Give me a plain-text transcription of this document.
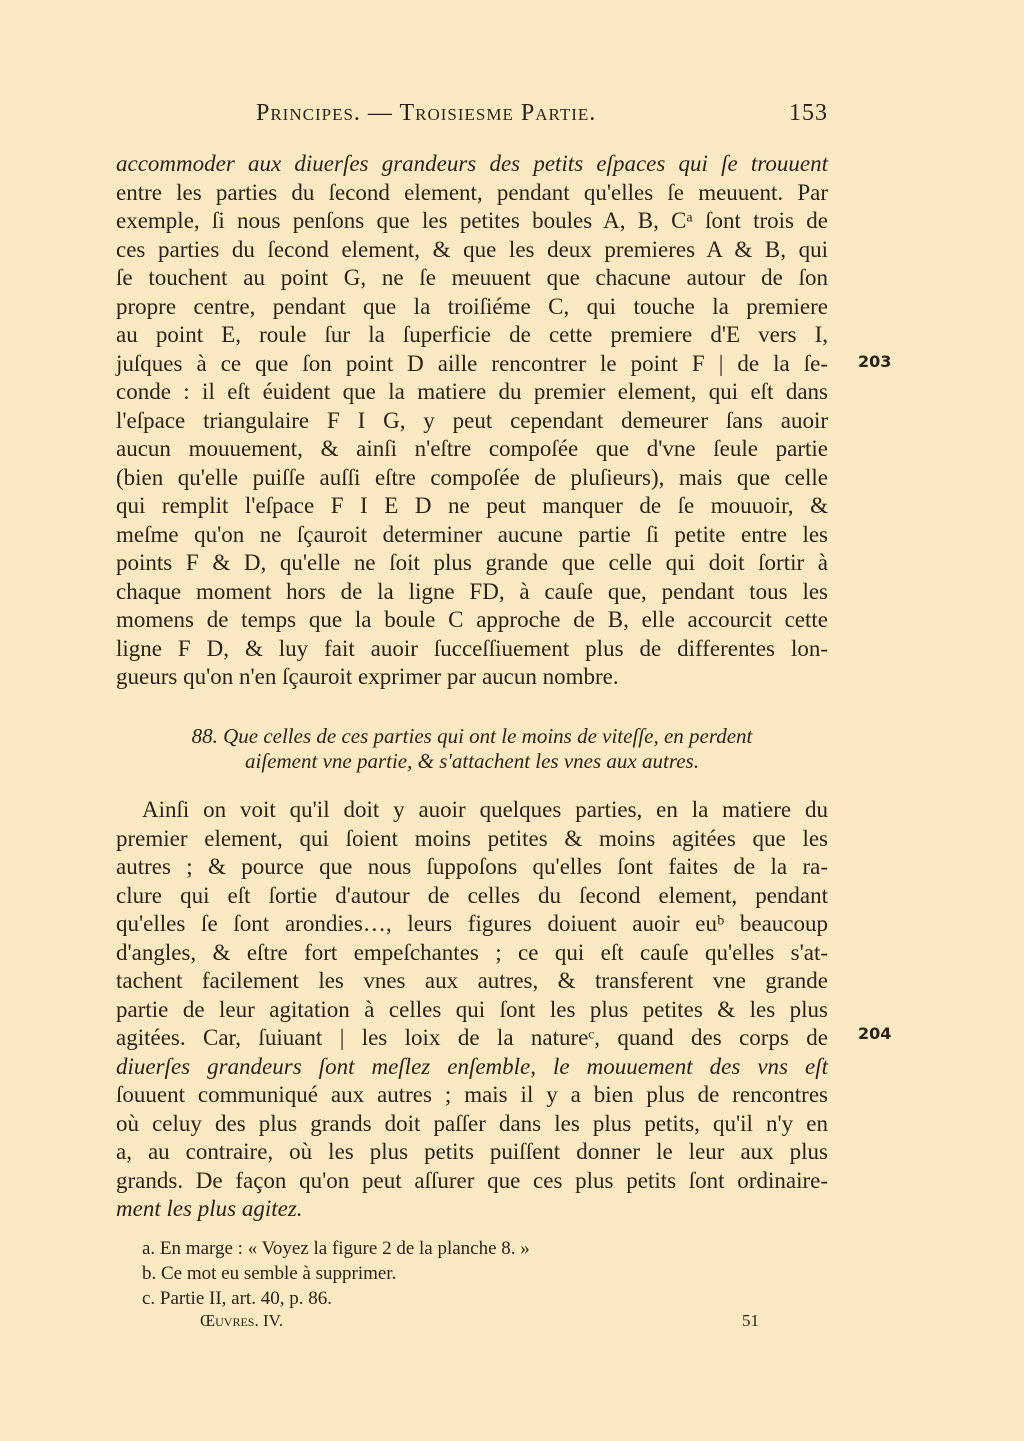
Principes. — Troisiesme Partie.	153
accommoder aux diuerſes grandeurs des petits eſpaces qui ſe trouuent
entre les parties du ſecond element, pendant qu'elles ſe meuuent. Par
exemple, ſi nous penſons que les petites boules A, B, Cᵃ ſont trois de
ces parties du ſecond element, & que les deux premieres A & B, qui
ſe touchent au point G, ne ſe meuuent que chacune autour de ſon
propre centre, pendant que la troiſiéme C, qui touche la premiere
au point E, roule ſur la ſuperficie de cette premiere d'E vers I,
juſques à ce que ſon point D aille rencontrer le point F | de la ſe-
conde : il eſt éuident que la matiere du premier element, qui eſt dans
l'eſpace triangulaire F I G, y peut cependant demeurer ſans auoir
aucun mouuement, & ainſi n'eſtre compoſée que d'vne ſeule partie
(bien qu'elle puiſſe auſſi eſtre compoſée de pluſieurs), mais que celle
qui remplit l'eſpace F I E D ne peut manquer de ſe mouuoir, &
meſme qu'on ne ſçauroit determiner aucune partie ſi petite entre les
points F & D, qu'elle ne ſoit plus grande que celle qui doit ſortir à
chaque moment hors de la ligne FD, à cauſe que, pendant tous les
momens de temps que la boule C approche de B, elle accourcit cette
ligne F D, & luy fait auoir ſucceſſiuement plus de differentes lon-
gueurs qu'on n'en ſçauroit exprimer par aucun nombre.
203
88. Que celles de ces parties qui ont le moins de viteſſe, en perdent
aiſement vne partie, & s'attachent les vnes aux autres.
Ainſi on voit qu'il doit y auoir quelques parties, en la matiere du
premier element, qui ſoient moins petites & moins agitées que les
autres ; & pource que nous ſuppoſons qu'elles ſont faites de la ra-
clure qui eſt ſortie d'autour de celles du ſecond element, pendant
qu'elles ſe ſont arondies…, leurs figures doiuent auoir euᵇ beaucoup
d'angles, & eſtre fort empeſchantes ; ce qui eſt cauſe qu'elles s'at-
tachent facilement les vnes aux autres, & transferent vne grande
partie de leur agitation à celles qui ſont les plus petites & les plus
agitées. Car, ſuiuant | les loix de la natureᶜ, quand des corps de
diuerſes grandeurs ſont meſlez enſemble, le mouuement des vns eſt
ſouuent communiqué aux autres ; mais il y a bien plus de rencontres
où celuy des plus grands doit paſſer dans les plus petits, qu'il n'y en
a, au contraire, où les plus petits puiſſent donner le leur aux plus
grands. De façon qu'on peut aſſurer que ces plus petits ſont ordinaire-
ment les plus agitez.
204
a. En marge : « Voyez la figure 2 de la planche 8. »
b. Ce mot eu semble à supprimer.
c. Partie II, art. 40, p. 86.
Œuvres. IV.	51
